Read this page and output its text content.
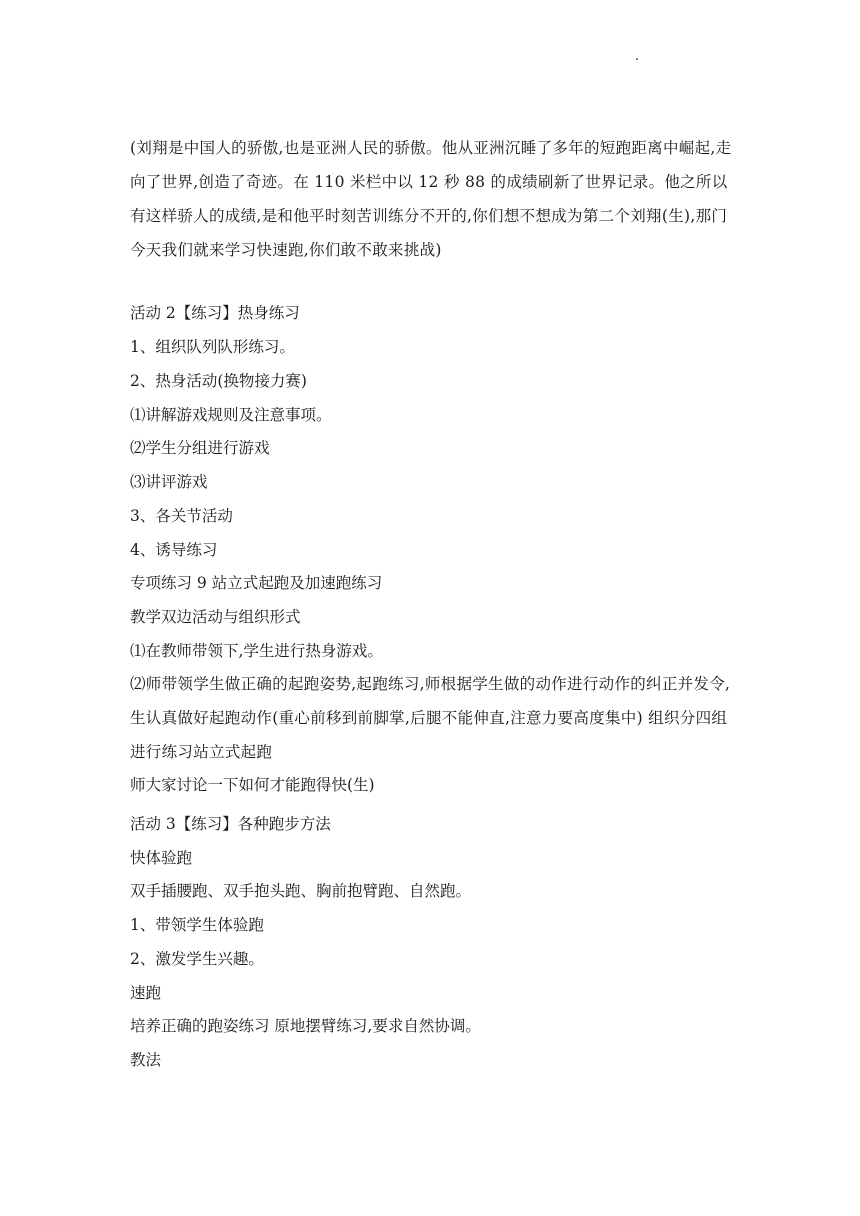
(刘翔是中国人的骄傲,也是亚洲人民的骄傲。他从亚洲沉睡了多年的短跑距离中崛起,走向了世界,创造了奇迹。在 110 米栏中以 12 秒 88 的成绩刷新了世界记录。他之所以有这样骄人的成绩,是和他平时刻苦训练分不开的,你们想不想成为第二个刘翔(生),那门今天我们就来学习快速跑,你们敢不敢来挑战)
活动 2【练习】热身练习
1、组织队列队形练习。
2、热身活动(换物接力赛)
⑴讲解游戏规则及注意事项。
⑵学生分组进行游戏
⑶讲评游戏
3、各关节活动
4、诱导练习
专项练习 9 站立式起跑及加速跑练习
教学双边活动与组织形式
⑴在教师带领下,学生进行热身游戏。
⑵师带领学生做正确的起跑姿势,起跑练习,师根据学生做的动作进行动作的纠正并发令,生认真做好起跑动作(重心前移到前脚掌,后腿不能伸直,注意力要高度集中) 组织分四组进行练习站立式起跑
师大家讨论一下如何才能跑得快(生)
活动 3【练习】各种跑步方法
快体验跑
双手插腰跑、双手抱头跑、胸前抱臂跑、自然跑。
1、带领学生体验跑
2、激发学生兴趣。
速跑
培养正确的跑姿练习 原地摆臂练习,要求自然协调。
教法
